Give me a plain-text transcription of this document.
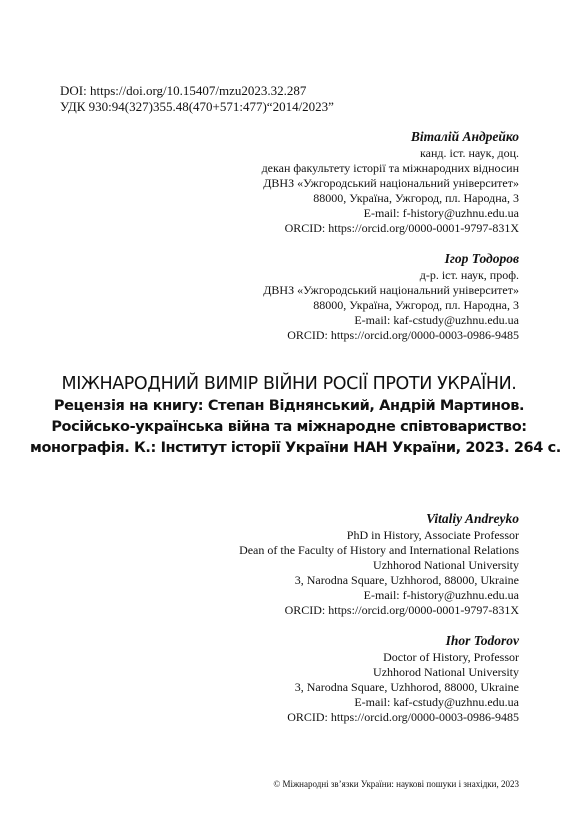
DOI: https://doi.org/10.15407/mzu2023.32.287
УДК 930:94(327)355.48(470+571:477)“2014/2023”
Віталій Андрейко
канд. іст. наук, доц.
декан факультету історії та міжнародних відносин
ДВНЗ «Ужгородський національний університет»
88000, Україна, Ужгород, пл. Народна, 3
E-mail: f-history@uzhnu.edu.ua
ORCID: https://orcid.org/0000-0001-9797-831X
Ігор Тодоров
д-р. іст. наук, проф.
ДВНЗ «Ужгородський національний університет»
88000, Україна, Ужгород, пл. Народна, 3
E-mail: kaf-cstudy@uzhnu.edu.ua
ORCID: https://orcid.org/0000-0003-0986-9485
МІЖНАРОДНИЙ ВИМІР ВІЙНИ РОСІЇ ПРОТИ УКРАЇНИ.
Рецензія на книгу: Степан Віднянський, Андрій Мартинов.
Російсько-українська війна та міжнародне співтовариство:
монографія. К.: Інститут історії України НАН України, 2023. 264 с.
Vitaliy Andreyko
PhD in History, Associate Professor
Dean of the Faculty of History and International Relations
Uzhhorod National University
3, Narodna Square, Uzhhorod, 88000, Ukraine
E-mail: f-history@uzhnu.edu.ua
ORCID: https://orcid.org/0000-0001-9797-831X
Ihor Todorov
Doctor of History, Professor
Uzhhorod National University
3, Narodna Square, Uzhhorod, 88000, Ukraine
E-mail: kaf-cstudy@uzhnu.edu.ua
ORCID: https://orcid.org/0000-0003-0986-9485
© Міжнародні зв’язки України: наукові пошуки і знахідки, 2023
